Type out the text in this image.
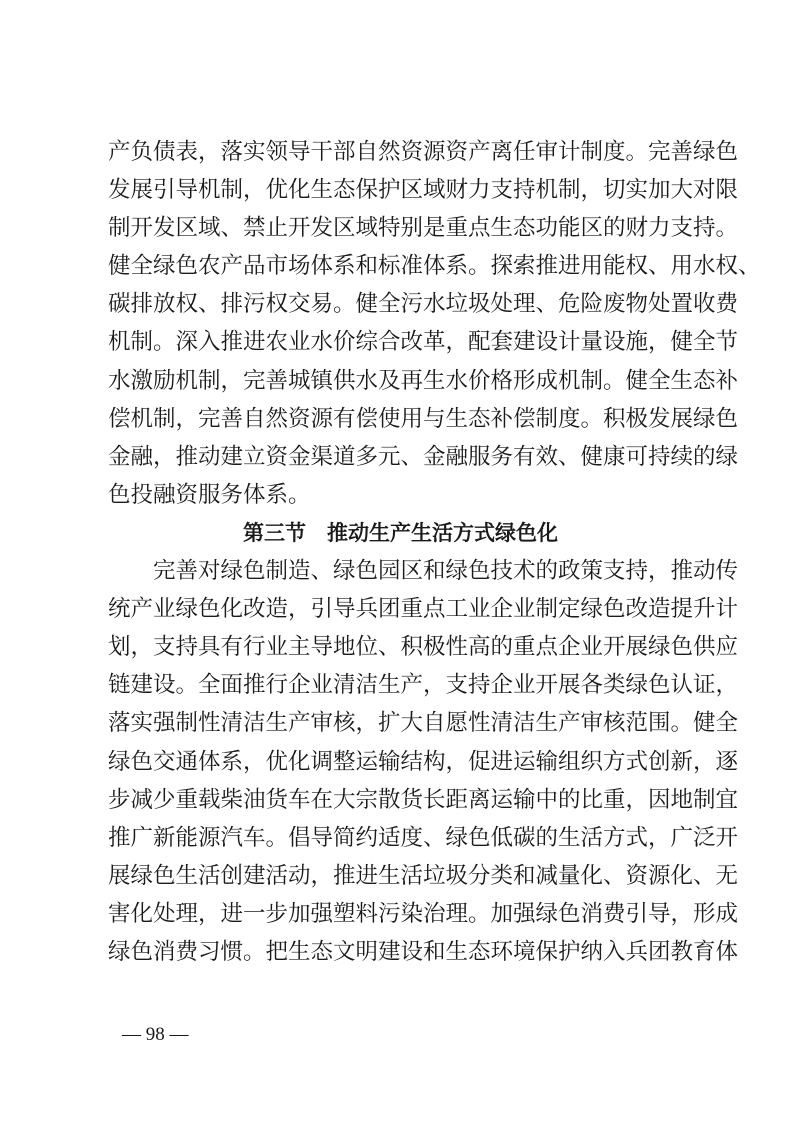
产负债表，落实领导干部自然资源资产离任审计制度。完善绿色
发展引导机制，优化生态保护区域财力支持机制，切实加大对限
制开发区域、禁止开发区域特别是重点生态功能区的财力支持。
健全绿色农产品市场体系和标准体系。探索推进用能权、用水权、
碳排放权、排污权交易。健全污水垃圾处理、危险废物处置收费
机制。深入推进农业水价综合改革，配套建设计量设施，健全节
水激励机制，完善城镇供水及再生水价格形成机制。健全生态补
偿机制，完善自然资源有偿使用与生态补偿制度。积极发展绿色
金融，推动建立资金渠道多元、金融服务有效、健康可持续的绿
色投融资服务体系。
第三节　推动生产生活方式绿色化
完善对绿色制造、绿色园区和绿色技术的政策支持，推动传
统产业绿色化改造，引导兵团重点工业企业制定绿色改造提升计
划，支持具有行业主导地位、积极性高的重点企业开展绿色供应
链建设。全面推行企业清洁生产，支持企业开展各类绿色认证，
落实强制性清洁生产审核，扩大自愿性清洁生产审核范围。健全
绿色交通体系，优化调整运输结构，促进运输组织方式创新，逐
步减少重载柴油货车在大宗散货长距离运输中的比重，因地制宜
推广新能源汽车。倡导简约适度、绿色低碳的生活方式，广泛开
展绿色生活创建活动，推进生活垃圾分类和减量化、资源化、无
害化处理，进一步加强塑料污染治理。加强绿色消费引导，形成
绿色消费习惯。把生态文明建设和生态环境保护纳入兵团教育体
— 98 —
